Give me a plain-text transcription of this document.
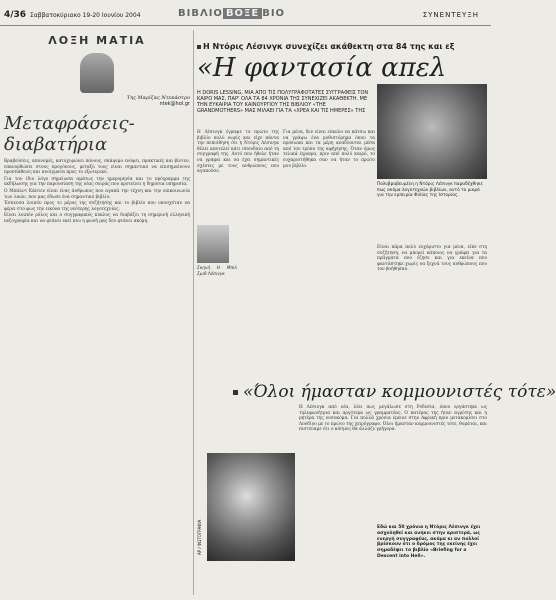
4/36 Σαββατοκύριακο 19-20 Ιουνίου 2004	ΒΙΒΛΙΟ ΒΟΞΕ ΒΙΟ	ΣΥΝΕΝΤΕΥΞΗ
ΛΟΞΗ ΜΑΤΙΑ
Της Μαρίζας Ντεκάστρο
ntek@hol.gr
Μεταφράσεις-διαβατήρια

Βραβεύσεις, απονομές, κατοχυρώνει πόνους, σκάψιμο ενόψει, πρακτικές και βίντεο, επανορθώσει στους προγόνους, μεταξύ τους είναι σημαντικό να επισημαίνουν προσπάθειες και ανοίγματα προς το εξωτερικό.

Για τον ίδιο λόγο σημείωσα αμέσως την ημερομηνία και το πρόγραμμα της εκδήλωσης για την παρουσίαση της νέας σειράς που προτείνει η δημόσια υπηρεσία.

Ο Μπάλντ Κάπτεν είναι ένας άνθρωπος που αγαπά την τέχνη και την επικοινωνία των λαών, που μας έδωσε ένα σημαντικό βιβλίο.

Έσπευσα λοιπόν προς το μέρος της συζήτησης και το βιβλίο που υποσχόταν να φέρει στο φως την εικόνα της νεότερης λογοτεχνίας.

Είναι λοιπόν ρόλος και ο συγγραφικός κύκλος να διαβάζει τη σημερινή ελληνική πεζογραφία και να φτάνει εκεί που η φωνή μας δεν φτάνει ακόμη.

Η Ντόρις Λέσινγκ συνεχίζει ακάθεκτη στα 84 της και εξ
«Η φαντασία απελ
Η DORIS LESSING, ΜΙΑ ΑΠΟ ΤΙΣ ΠΟΛΥΓΡΑΦΟΤΑΤΕΣ ΣΥΓΓΡΑΦΕΙΣ ΤΟΝ ΚΑΙΡΟ ΜΑΣ, ΠΑΡ' ΟΛΑ ΤΑ 84 ΧΡΟΝΙΑ ΤΗΣ ΣΥΝΕΧΙΖΕΙ ΑΚΑΘΕΚΤΗ. ΜΕ ΤΗΝ ΕΥΚΑΙΡΙΑ ΤΟΥ ΚΑΙΝΟΥΡΓΙΟΥ ΤΗΣ ΒΙΒΛΙΟΥ «THE GRANDMOTHERS» ΜΑΣ ΜΙΛΑΕΙ ΓΙΑ ΤΑ «ΧΡΕΑ ΚΑΙ ΤΙΣ ΗΜΕΡΕΣ» ΤΗΣ
Πολυβραβευμένη η Ντόρις Λέσινγκ παραδέχθηκε πως ακόμα λογοτεχνών βιβλίων, αυτό το μικρό για την εμπειρία Φιλίας της Ιστορίας.
Η Λέσινγκ έγραψε το πρώτο της βιβλίο πολύ νωρίς και είχε πάντα την πεποίθηση ότι η Ντόρις Λέσινγκ θέλει αποτελεί κάτι σπουδαίο από τη συγγραφή της. Αυτό που ήθελε ήταν να γράφει και να έχει σημαντικές σχέσεις με τους ανθρώπους που αγαπούσε.
Για μένα, δεν είναι εύκολο να κάτσω και να γράψω ένα μυθιστόρημα όπου τα πρόσωπα και τα μέρη αναδύονται μέσα από τον τρόπο της αφήγησης. Όταν όμως τελικά έγραψα, πριν από πολύ καιρό, το ευχαριστήθηκα σαν να ήταν το πρώτο μου βιβλίο.
Είναι πάρα πολύ ευχάριστο για μένα, είπε στη συζήτηση, να μπορεί κάποιος να γράφει για τα πράγματα που έζησε και για εκείνα που φαντάστηκε χωρίς να ξεχνά τους ανθρώπους που τον βοήθησαν.
Σκηνή Η Μπιλ Σμιθ Λέσινγκ
«Όλοι ήμασταν κομμουνιστές τότε»
AP / ΦΩΤΟΓΡΑΦΙΑ
Η Λέσινγκ από νέα, λέει πως μεγάλωσε στη Ροδεσία, όπου εργάστηκε ως τηλεφωνήτρια και αργότερα ως γραμματέας. Ο πατέρας της ήταν αγρότης και η μητέρα της νοσοκόμα. Για πολλά χρόνια έμεινε στην Αφρική πριν μετακομίσει στο Λονδίνο με το πρώτο της χειρόγραφο. Όλοι ήμασταν κομμουνιστές τότε, θυμάται, και πιστεύαμε ότι ο κόσμος θα άλλαζε γρήγορα.
Εδώ και 50 χρόνια η Ντόρις Λέσινγκ έχει ασχοληθεί και ανήκει στην αριστερά, ως ενεργή συγγραφέας, ακόμα κι αν πολλοί βρίσκουν ότι ο δρόμος της εκείνης έχει σημαδέψει το βιβλίο «Briefing for a Descent into Hell».
